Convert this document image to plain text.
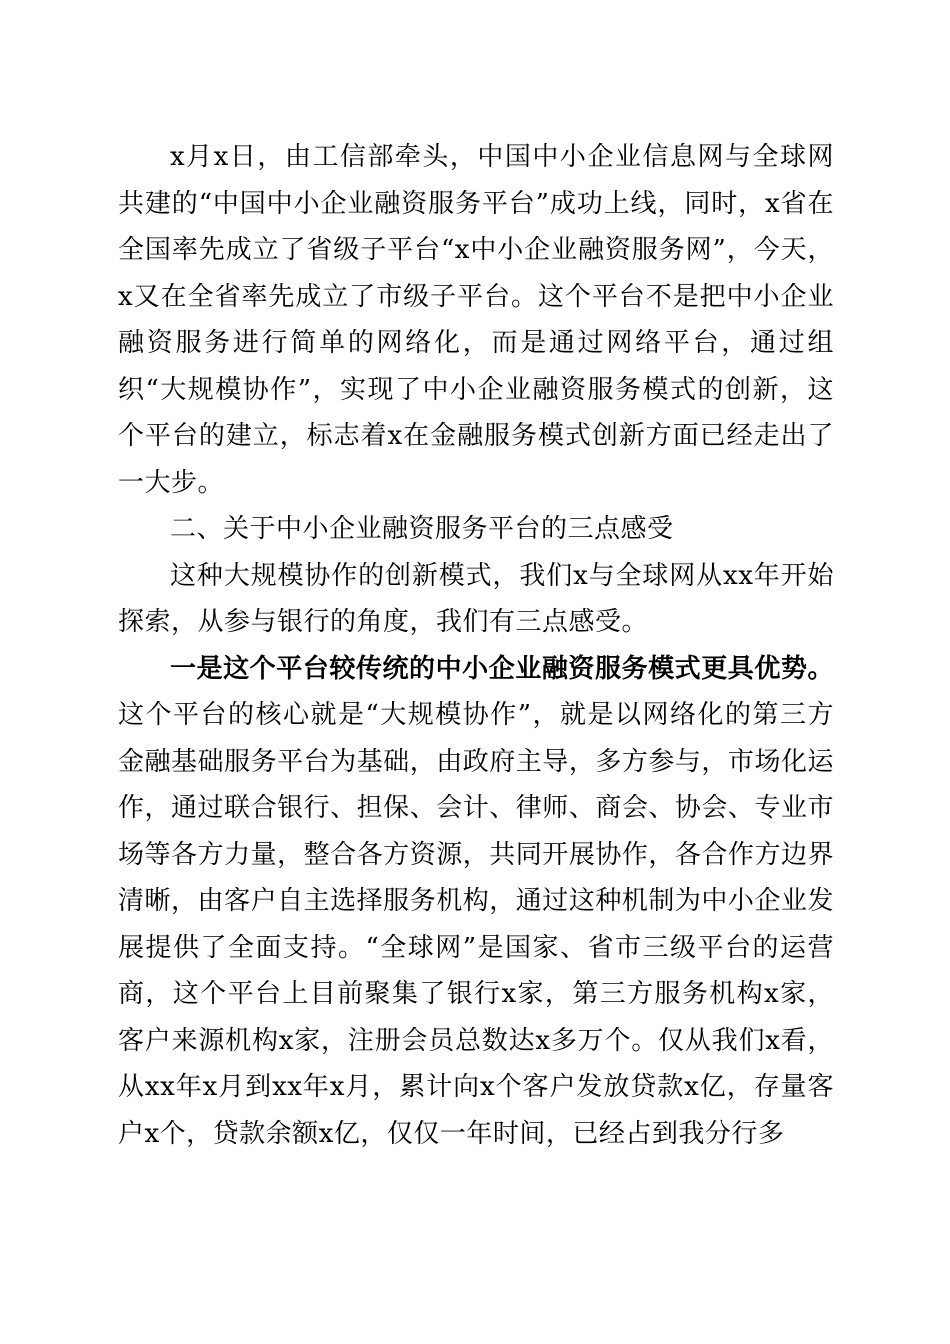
x月x日，由工信部牵头，中国中小企业信息网与全球网共建的“中国中小企业融资服务平台”成功上线，同时，x省在全国率先成立了省级子平台“x中小企业融资服务网”，今天，x又在全省率先成立了市级子平台。这个平台不是把中小企业融资服务进行简单的网络化，而是通过网络平台，通过组织“大规模协作”，实现了中小企业融资服务模式的创新，这个平台的建立，标志着x在金融服务模式创新方面已经走出了一大步。

二、关于中小企业融资服务平台的三点感受

这种大规模协作的创新模式，我们x与全球网从xx年开始探索，从参与银行的角度，我们有三点感受。

一是这个平台较传统的中小企业融资服务模式更具优势。这个平台的核心就是“大规模协作”，就是以网络化的第三方金融基础服务平台为基础，由政府主导，多方参与，市场化运作，通过联合银行、担保、会计、律师、商会、协会、专业市场等各方力量，整合各方资源，共同开展协作，各合作方边界清晰，由客户自主选择服务机构，通过这种机制为中小企业发展提供了全面支持。“全球网”是国家、省市三级平台的运营商，这个平台上目前聚集了银行x家，第三方服务机构x家，客户来源机构x家，注册会员总数达x多万个。仅从我们x看，从xx年x月到xx年x月，累计向x个客户发放贷款x亿，存量客户x个，贷款余额x亿，仅仅一年时间，已经占到我分行多
